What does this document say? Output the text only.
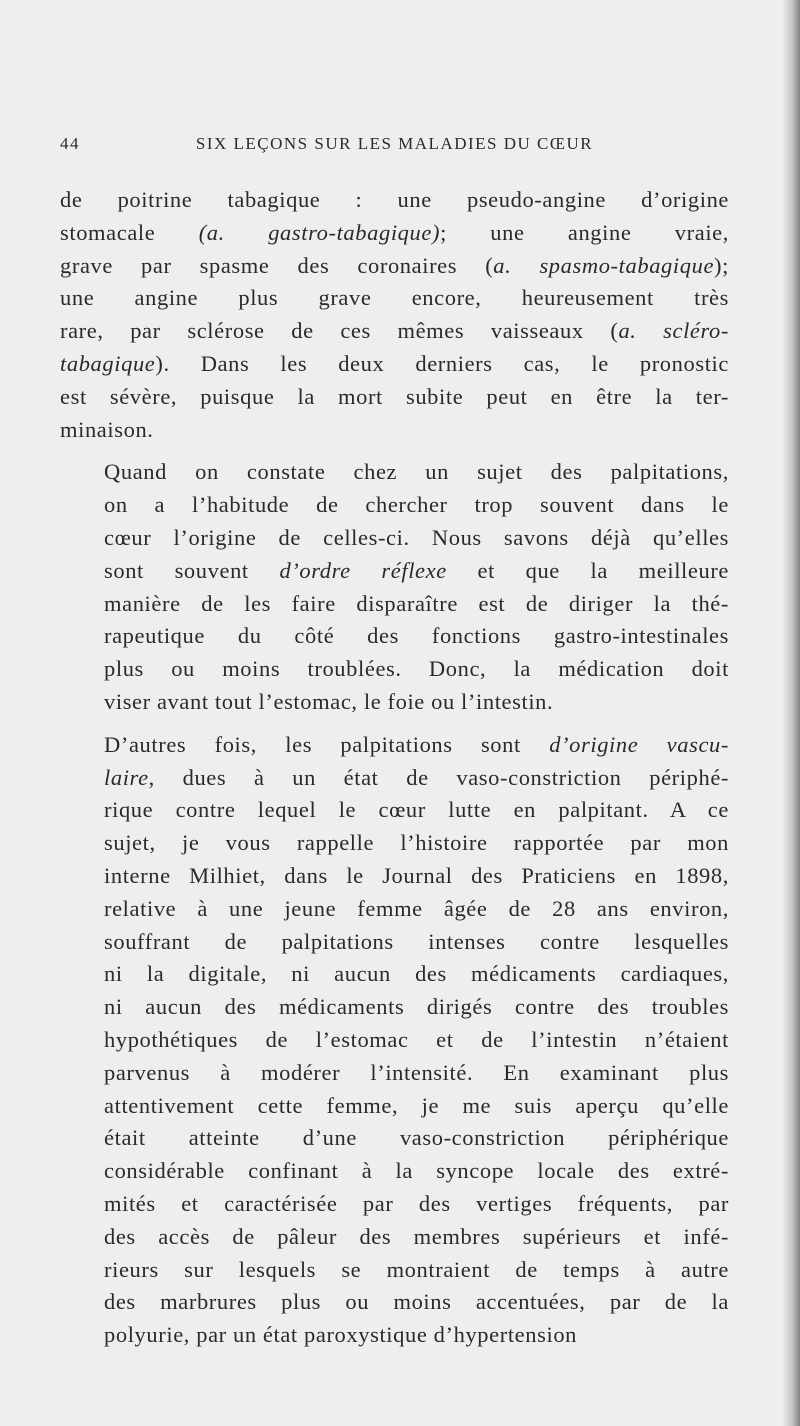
44	SIX LEÇONS SUR LES MALADIES DU CŒUR
de poitrine tabagique : une pseudo-angine d’origine
stomacale (a. gastro-tabagique); une angine vraie,
grave par spasme des coronaires (a. spasmo-tabagique);
une angine plus grave encore, heureusement très
rare, par sclérose de ces mêmes vaisseaux (a. scléro-
tabagique). Dans les deux derniers cas, le pronostic
est sévère, puisque la mort subite peut en être la ter-
minaison.
Quand on constate chez un sujet des palpitations,
on a l’habitude de chercher trop souvent dans le
cœur l’origine de celles-ci. Nous savons déjà qu’elles
sont souvent d’ordre réflexe et que la meilleure
manière de les faire disparaître est de diriger la thé-
rapeutique du côté des fonctions gastro-intestinales
plus ou moins troublées. Donc, la médication doit
viser avant tout l’estomac, le foie ou l’intestin.
D’autres fois, les palpitations sont d’origine vascu-
laire, dues à un état de vaso-constriction périphé-
rique contre lequel le cœur lutte en palpitant. A ce
sujet, je vous rappelle l’histoire rapportée par mon
interne Milhiet, dans le Journal des Praticiens en 1898,
relative à une jeune femme âgée de 28 ans environ,
souffrant de palpitations intenses contre lesquelles
ni la digitale, ni aucun des médicaments cardiaques,
ni aucun des médicaments dirigés contre des troubles
hypothétiques de l’estomac et de l’intestin n’étaient
parvenus à modérer l’intensité. En examinant plus
attentivement cette femme, je me suis aperçu qu’elle
était atteinte d’une vaso-constriction périphérique
considérable confinant à la syncope locale des extré-
mités et caractérisée par des vertiges fréquents, par
des accès de pâleur des membres supérieurs et infé-
rieurs sur lesquels se montraient de temps à autre
des marbrures plus ou moins accentuées, par de la
polyurie, par un état paroxystique d’hypertension
